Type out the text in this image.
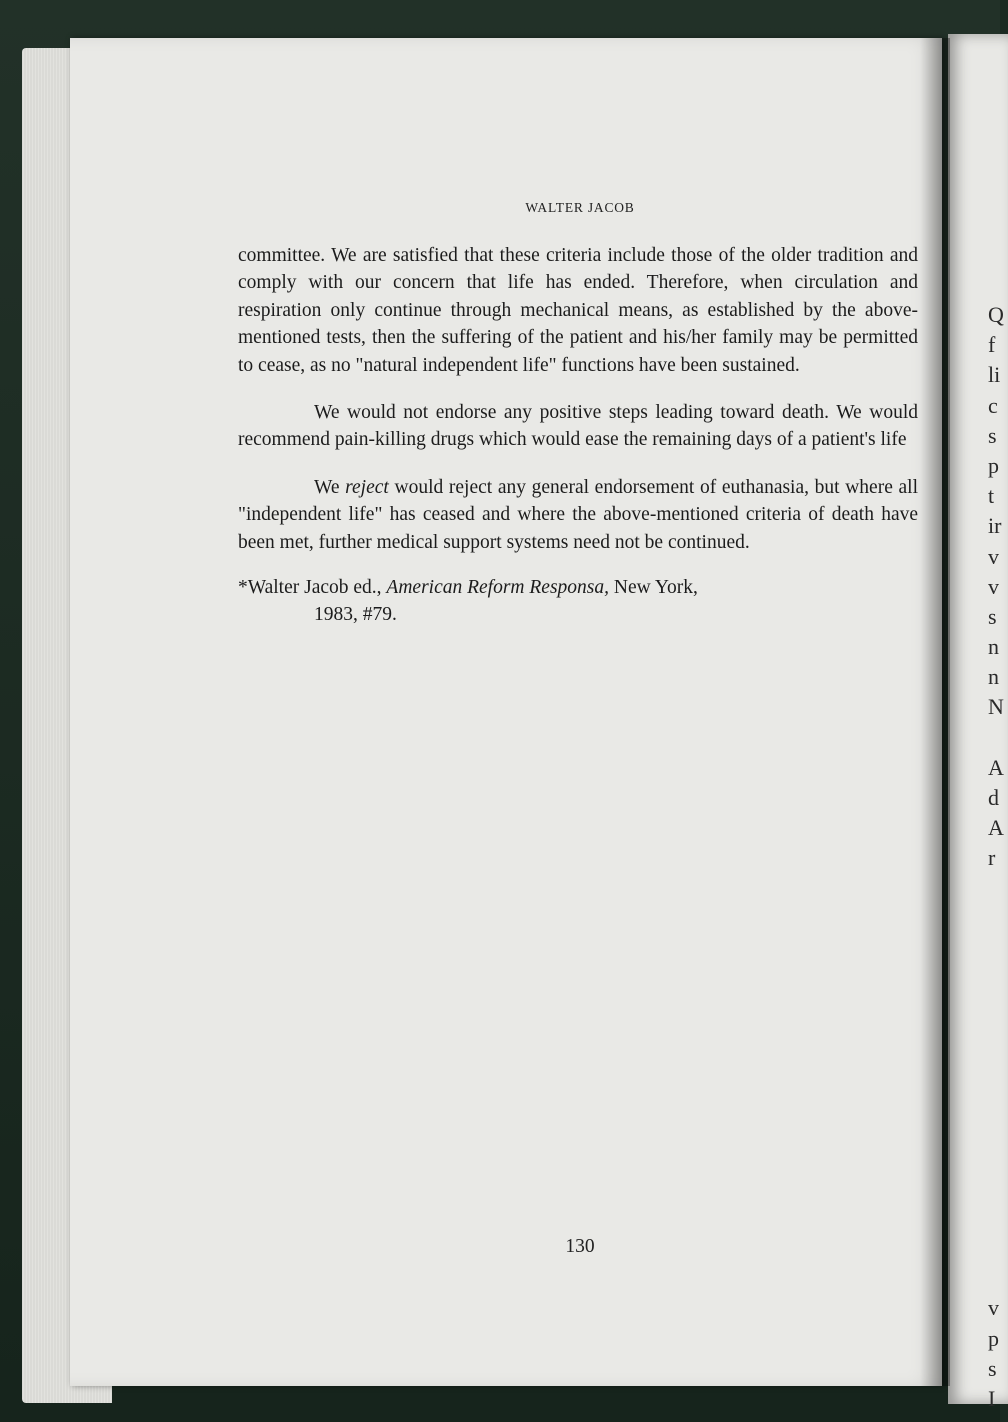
Q
f
li
c
s
p
t
ir
v
v
s
n
n
N
A
d
A
r
v
p
s
I
WALTER JACOB

committee. We are satisfied that these criteria include those of the older tradition and comply with our concern that life has ended. Therefore, when circulation and respiration only continue through mechanical means, as established by the above-mentioned tests, then the suffering of the patient and his/her family may be permitted to cease, as no "natural independent life" functions have been sustained.

We would not endorse any positive steps leading toward death. We would recommend pain-killing drugs which would ease the remaining days of a patient's life

We reject would reject any general endorsement of euthanasia, but where all "independent life" has ceased and where the above-mentioned criteria of death have been met, further medical support systems need not be continued.

*Walter Jacob ed., American Reform Responsa, New York,
1983, #79.

130
